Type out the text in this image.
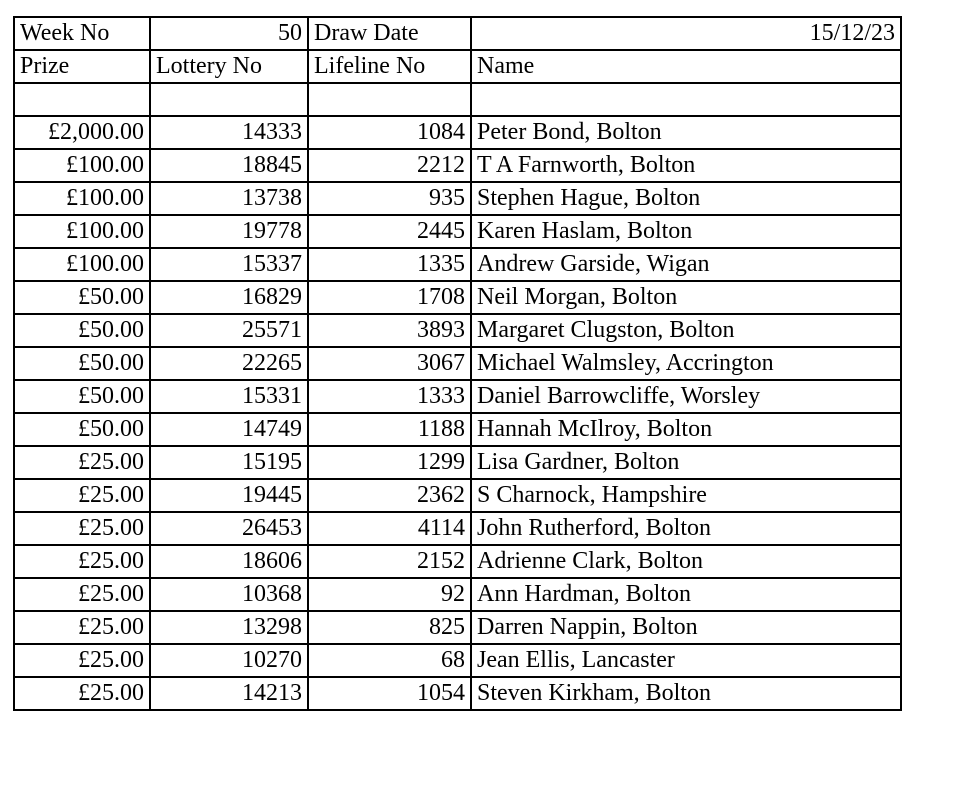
Week No	50	Draw Date	15/12/23
Prize	Lottery No	Lifeline No	Name

£2,000.00	14333	1084	Peter Bond, Bolton
£100.00	18845	2212	T A Farnworth, Bolton
£100.00	13738	935	Stephen Hague, Bolton
£100.00	19778	2445	Karen Haslam, Bolton
£100.00	15337	1335	Andrew Garside, Wigan
£50.00	16829	1708	Neil Morgan, Bolton
£50.00	25571	3893	Margaret Clugston, Bolton
£50.00	22265	3067	Michael Walmsley, Accrington
£50.00	15331	1333	Daniel Barrowcliffe, Worsley
£50.00	14749	1188	Hannah McIlroy, Bolton
£25.00	15195	1299	Lisa Gardner, Bolton
£25.00	19445	2362	S Charnock, Hampshire
£25.00	26453	4114	John Rutherford, Bolton
£25.00	18606	2152	Adrienne Clark, Bolton
£25.00	10368	92	Ann Hardman, Bolton
£25.00	13298	825	Darren Nappin, Bolton
£25.00	10270	68	Jean Ellis, Lancaster
£25.00	14213	1054	Steven Kirkham, Bolton
